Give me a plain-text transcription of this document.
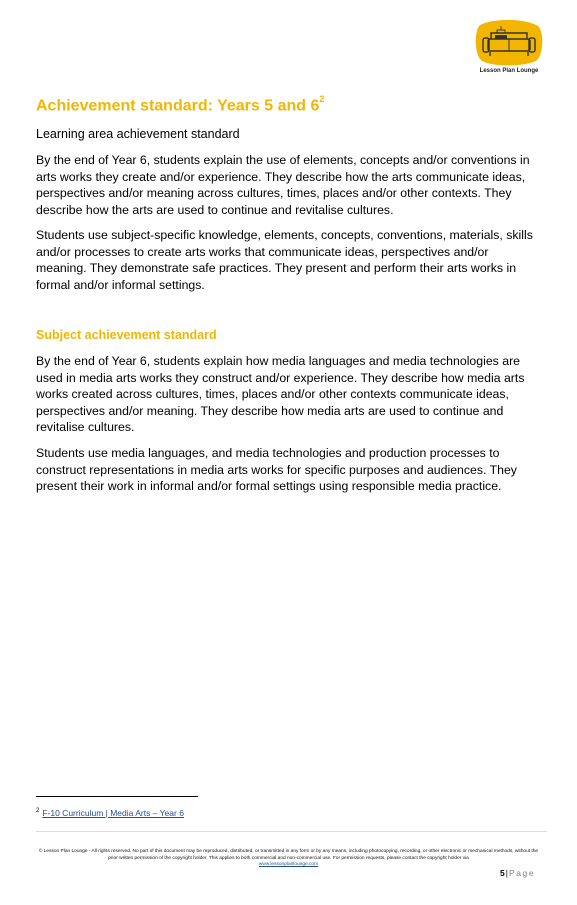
Lesson Plan Lounge
Achievement standard: Years 5 and $6^2$

Learning area achievement standard

By the end of Year 6, students explain the use of elements, concepts and/or conventions in arts works they create and/or experience. They describe how the arts communicate ideas, perspectives and/or meaning across cultures, times, places and/or other contexts. They describe how the arts are used to continue and revitalise cultures.

Students use subject-specific knowledge, elements, concepts, conventions, materials, skills and/or processes to create arts works that communicate ideas, perspectives and/or meaning. They demonstrate safe practices. They present and perform their arts works in formal and/or informal settings.

Subject achievement standard

By the end of Year 6, students explain how media languages and media technologies are used in media arts works they construct and/or experience. They describe how media arts works created across cultures, times, places and/or other contexts communicate ideas, perspectives and/or meaning. They describe how media arts are used to continue and revitalise cultures.

Students use media languages, and media technologies and production processes to construct representations in media arts works for specific purposes and audiences. They present their work in informal and/or formal settings using responsible media practice.

$^2$ F-10 Curriculum | Media Arts – Year 6
© Lesson Plan Lounge - All rights reserved. No part of this document may be reproduced, distributed, or transmitted in any form or by any means, including photocopying, recording, or other electronic or mechanical methods, without the prior written permission of the copyright holder. This applies to both commercial and non-commercial use. For permission requests, please contact the copyright holder via
www.lessonplanlounge.com
5|Page
